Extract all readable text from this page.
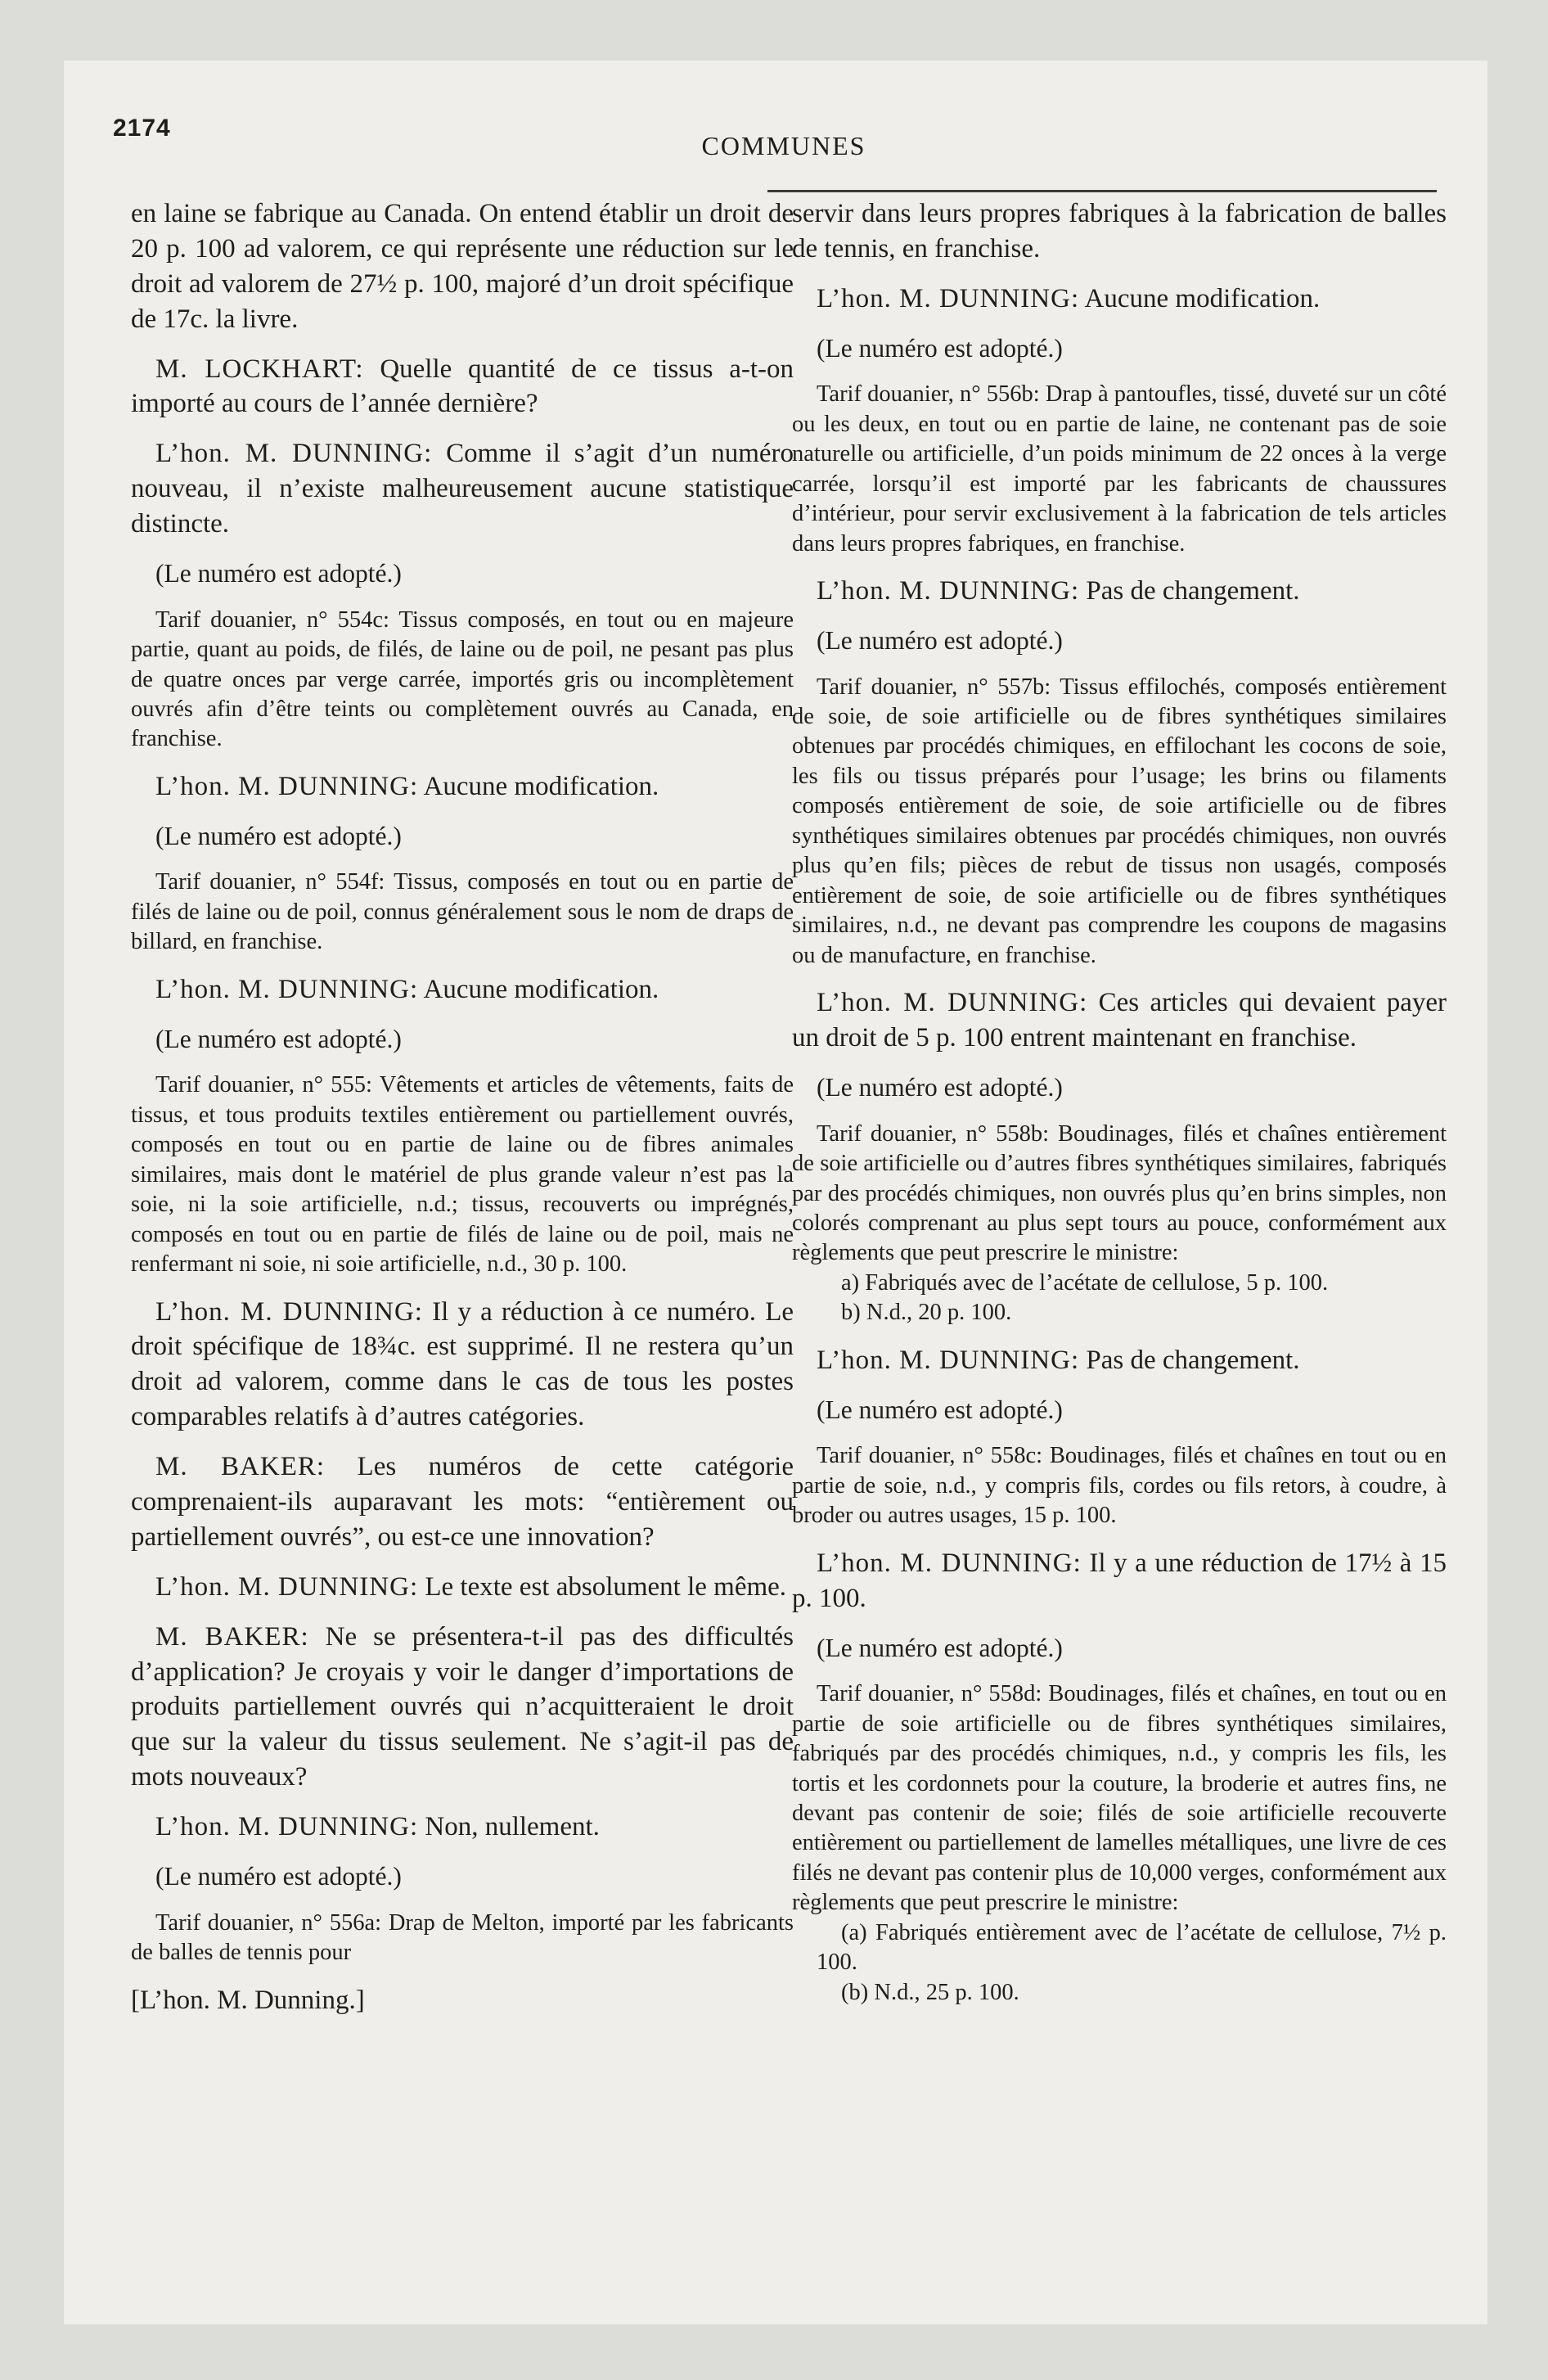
2174
COMMUNES

en laine se fabrique au Canada. On entend établir un droit de 20 p. 100 ad valorem, ce qui représente une réduction sur le droit ad valorem de 27½ p. 100, majoré d’un droit spécifique de 17c. la livre.

M. LOCKHART: Quelle quantité de ce tissus a-t-on importé au cours de l’année dernière?

L’hon. M. DUNNING: Comme il s’agit d’un numéro nouveau, il n’existe malheureusement aucune statistique distincte.

(Le numéro est adopté.)

Tarif douanier, n° 554c: Tissus composés, en tout ou en majeure partie, quant au poids, de filés, de laine ou de poil, ne pesant pas plus de quatre onces par verge carrée, importés gris ou incomplètement ouvrés afin d’être teints ou complètement ouvrés au Canada, en franchise.

L’hon. M. DUNNING: Aucune modification.

(Le numéro est adopté.)

Tarif douanier, n° 554f: Tissus, composés en tout ou en partie de filés de laine ou de poil, connus généralement sous le nom de draps de billard, en franchise.

L’hon. M. DUNNING: Aucune modification.

(Le numéro est adopté.)

Tarif douanier, n° 555: Vêtements et articles de vêtements, faits de tissus, et tous produits textiles entièrement ou partiellement ouvrés, composés en tout ou en partie de laine ou de fibres animales similaires, mais dont le matériel de plus grande valeur n’est pas la soie, ni la soie artificielle, n.d.; tissus, recouverts ou imprégnés, composés en tout ou en partie de filés de laine ou de poil, mais ne renfermant ni soie, ni soie artificielle, n.d., 30 p. 100.

L’hon. M. DUNNING: Il y a réduction à ce numéro. Le droit spécifique de 18¾c. est supprimé. Il ne restera qu’un droit ad valorem, comme dans le cas de tous les postes comparables relatifs à d’autres catégories.

M. BAKER: Les numéros de cette catégorie comprenaient-ils auparavant les mots: “entièrement ou partiellement ouvrés”, ou est-ce une innovation?

L’hon. M. DUNNING: Le texte est absolument le même.

M. BAKER: Ne se présentera-t-il pas des difficultés d’application? Je croyais y voir le danger d’importations de produits partiellement ouvrés qui n’acquitteraient le droit que sur la valeur du tissus seulement. Ne s’agit-il pas de mots nouveaux?

L’hon. M. DUNNING: Non, nullement.

(Le numéro est adopté.)

Tarif douanier, n° 556a: Drap de Melton, importé par les fabricants de balles de tennis pour

[L’hon. M. Dunning.]

servir dans leurs propres fabriques à la fabrication de balles de tennis, en franchise.

L’hon. M. DUNNING: Aucune modification.

(Le numéro est adopté.)

Tarif douanier, n° 556b: Drap à pantoufles, tissé, duveté sur un côté ou les deux, en tout ou en partie de laine, ne contenant pas de soie naturelle ou artificielle, d’un poids minimum de 22 onces à la verge carrée, lorsqu’il est importé par les fabricants de chaussures d’intérieur, pour servir exclusivement à la fabrication de tels articles dans leurs propres fabriques, en franchise.

L’hon. M. DUNNING: Pas de changement.

(Le numéro est adopté.)

Tarif douanier, n° 557b: Tissus effilochés, composés entièrement de soie, de soie artificielle ou de fibres synthétiques similaires obtenues par procédés chimiques, en effilochant les cocons de soie, les fils ou tissus préparés pour l’usage; les brins ou filaments composés entièrement de soie, de soie artificielle ou de fibres synthétiques similaires obtenues par procédés chimiques, non ouvrés plus qu’en fils; pièces de rebut de tissus non usagés, composés entièrement de soie, de soie artificielle ou de fibres synthétiques similaires, n.d., ne devant pas comprendre les coupons de magasins ou de manufacture, en franchise.

L’hon. M. DUNNING: Ces articles qui devaient payer un droit de 5 p. 100 entrent maintenant en franchise.

(Le numéro est adopté.)

Tarif douanier, n° 558b: Boudinages, filés et chaînes entièrement de soie artificielle ou d’autres fibres synthétiques similaires, fabriqués par des procédés chimiques, non ouvrés plus qu’en brins simples, non colorés comprenant au plus sept tours au pouce, conformément aux règlements que peut prescrire le ministre:
a) Fabriqués avec de l’acétate de cellulose, 5 p. 100.
b) N.d., 20 p. 100.

L’hon. M. DUNNING: Pas de changement.

(Le numéro est adopté.)

Tarif douanier, n° 558c: Boudinages, filés et chaînes en tout ou en partie de soie, n.d., y compris fils, cordes ou fils retors, à coudre, à broder ou autres usages, 15 p. 100.

L’hon. M. DUNNING: Il y a une réduction de 17½ à 15 p. 100.

(Le numéro est adopté.)

Tarif douanier, n° 558d: Boudinages, filés et chaînes, en tout ou en partie de soie artificielle ou de fibres synthétiques similaires, fabriqués par des procédés chimiques, n.d., y compris les fils, les tortis et les cordonnets pour la couture, la broderie et autres fins, ne devant pas contenir de soie; filés de soie artificielle recouverte entièrement ou partiellement de lamelles métalliques, une livre de ces filés ne devant pas contenir plus de 10,000 verges, conformément aux règlements que peut prescrire le ministre:
(a) Fabriqués entièrement avec de l’acétate de cellulose, 7½ p. 100.
(b) N.d., 25 p. 100.
